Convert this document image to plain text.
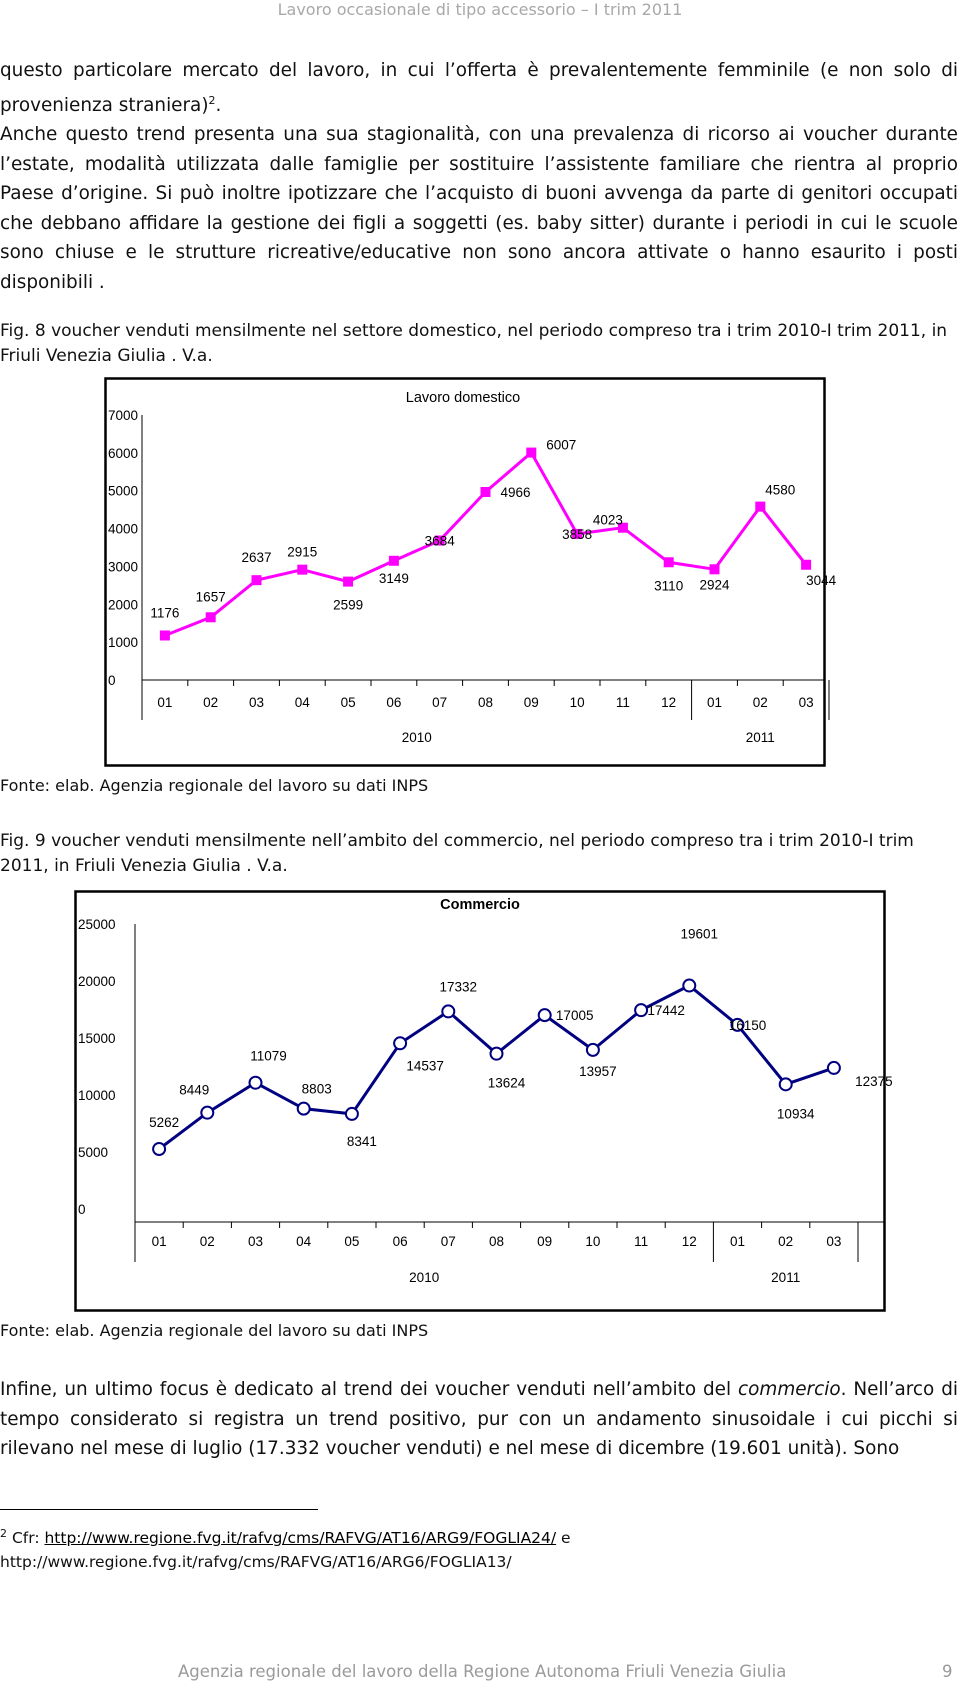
Lavoro occasionale di tipo accessorio – I trim 2011

questo particolare mercato del lavoro, in cui l’offerta è prevalentemente femminile (e non solo di provenienza straniera)$^2$.

Anche questo trend presenta una sua stagionalità, con una prevalenza di ricorso ai voucher durante l’estate, modalità utilizzata dalle famiglie per sostituire l’assistente familiare che rientra al proprio Paese d’origine. Si può inoltre ipotizzare che l’acquisto di buoni avvenga da parte di genitori occupati che debbano affidare la gestione dei figli a soggetti (es. baby sitter) durante i periodi in cui le scuole sono chiuse e le strutture ricreative/educative non sono ancora attivate o hanno esaurito i posti disponibili .

Fig. 8 voucher venduti mensilmente nel settore domestico, nel periodo compreso tra i trim 2010-I trim 2011, in Friuli Venezia Giulia . V.a.
Lavoro domestico
0
1000
2000
3000
4000
5000
6000
7000
01 02 03 04 05 06 07 08 09 10 11 12 01 02 03
2010	2011
1176
1657
2637 2915
2599
3149
3684
4966
6007
3858
4023
3110 2924
4580
3044
Fonte: elab. Agenzia regionale del lavoro su dati INPS
Fig. 9 voucher venduti mensilmente nell’ambito del commercio, nel periodo compreso tra i trim 2010-I trim 2011, in Friuli Venezia Giulia . V.a.
Commercio
0
5000
10000
15000
20000
25000
01 02 03 04 05 06 07 08 09 10 11 12 01 02 03
2010	2011
5262
8449
11079
8803
8341
14537
17332
13624
17005
13957
17442
19601
16150
10934
12375
Fonte: elab. Agenzia regionale del lavoro su dati INPS

Infine, un ultimo focus è dedicato al trend dei voucher venduti nell’ambito del commercio. Nell’arco di tempo considerato si registra un trend positivo, pur con un andamento sinusoidale i cui picchi si rilevano nel mese di luglio (17.332 voucher venduti) e nel mese di dicembre (19.601 unità). Sono

$^2$ Cfr: http://www.regione.fvg.it/rafvg/cms/RAFVG/AT16/ARG9/FOGLIA24/ e
http://www.regione.fvg.it/rafvg/cms/RAFVG/AT16/ARG6/FOGLIA13/
Agenzia regionale del lavoro della Regione Autonoma Friuli Venezia Giulia	9
